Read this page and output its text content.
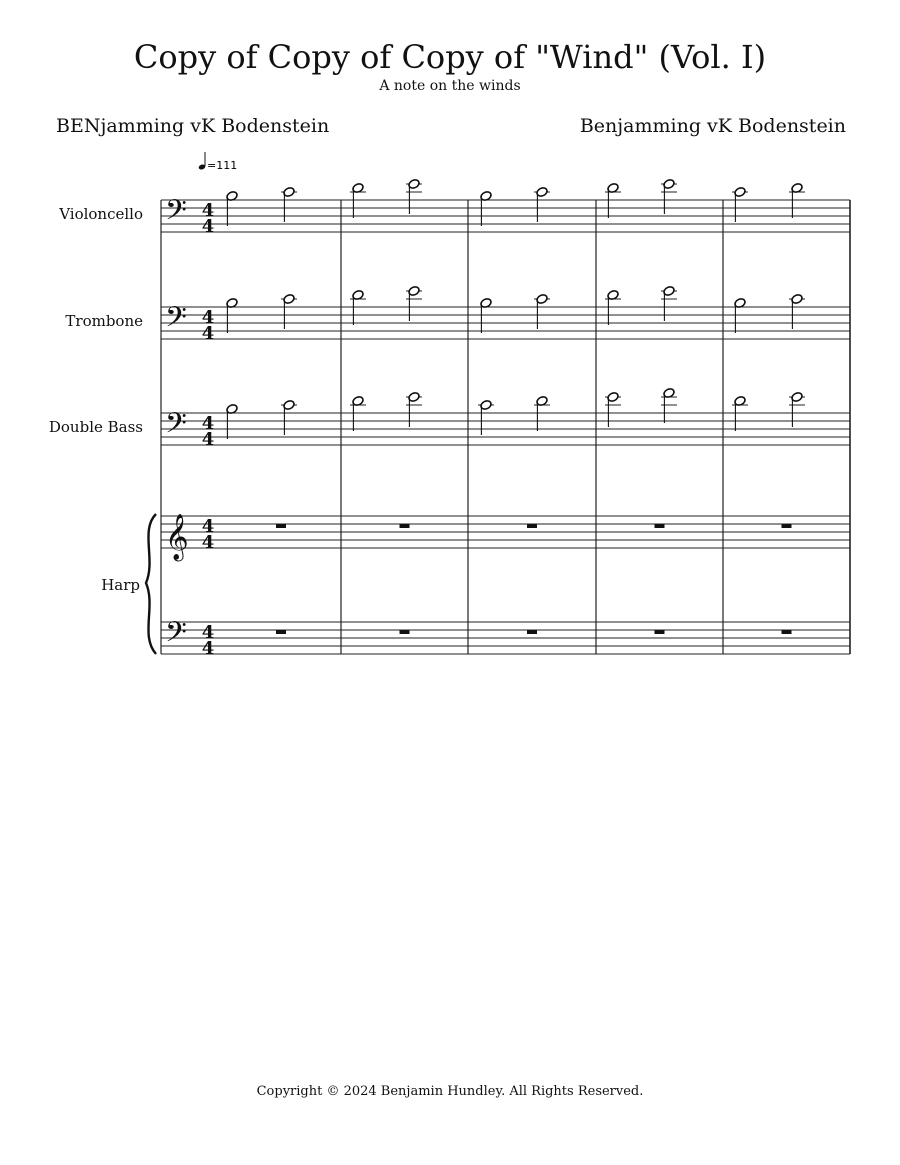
Copy of Copy of Copy of "Wind" (Vol. I)
A note on the winds
BENjamming vK Bodenstein	Benjamming vK Bodenstein
Violoncello
Trombone
Double Bass
Harp
𝄢
𝄢
𝄢
𝄞
𝄢
4
4
4
4
4
4
4
4
4
4
=111
Copyright © 2024 Benjamin Hundley. All Rights Reserved.
